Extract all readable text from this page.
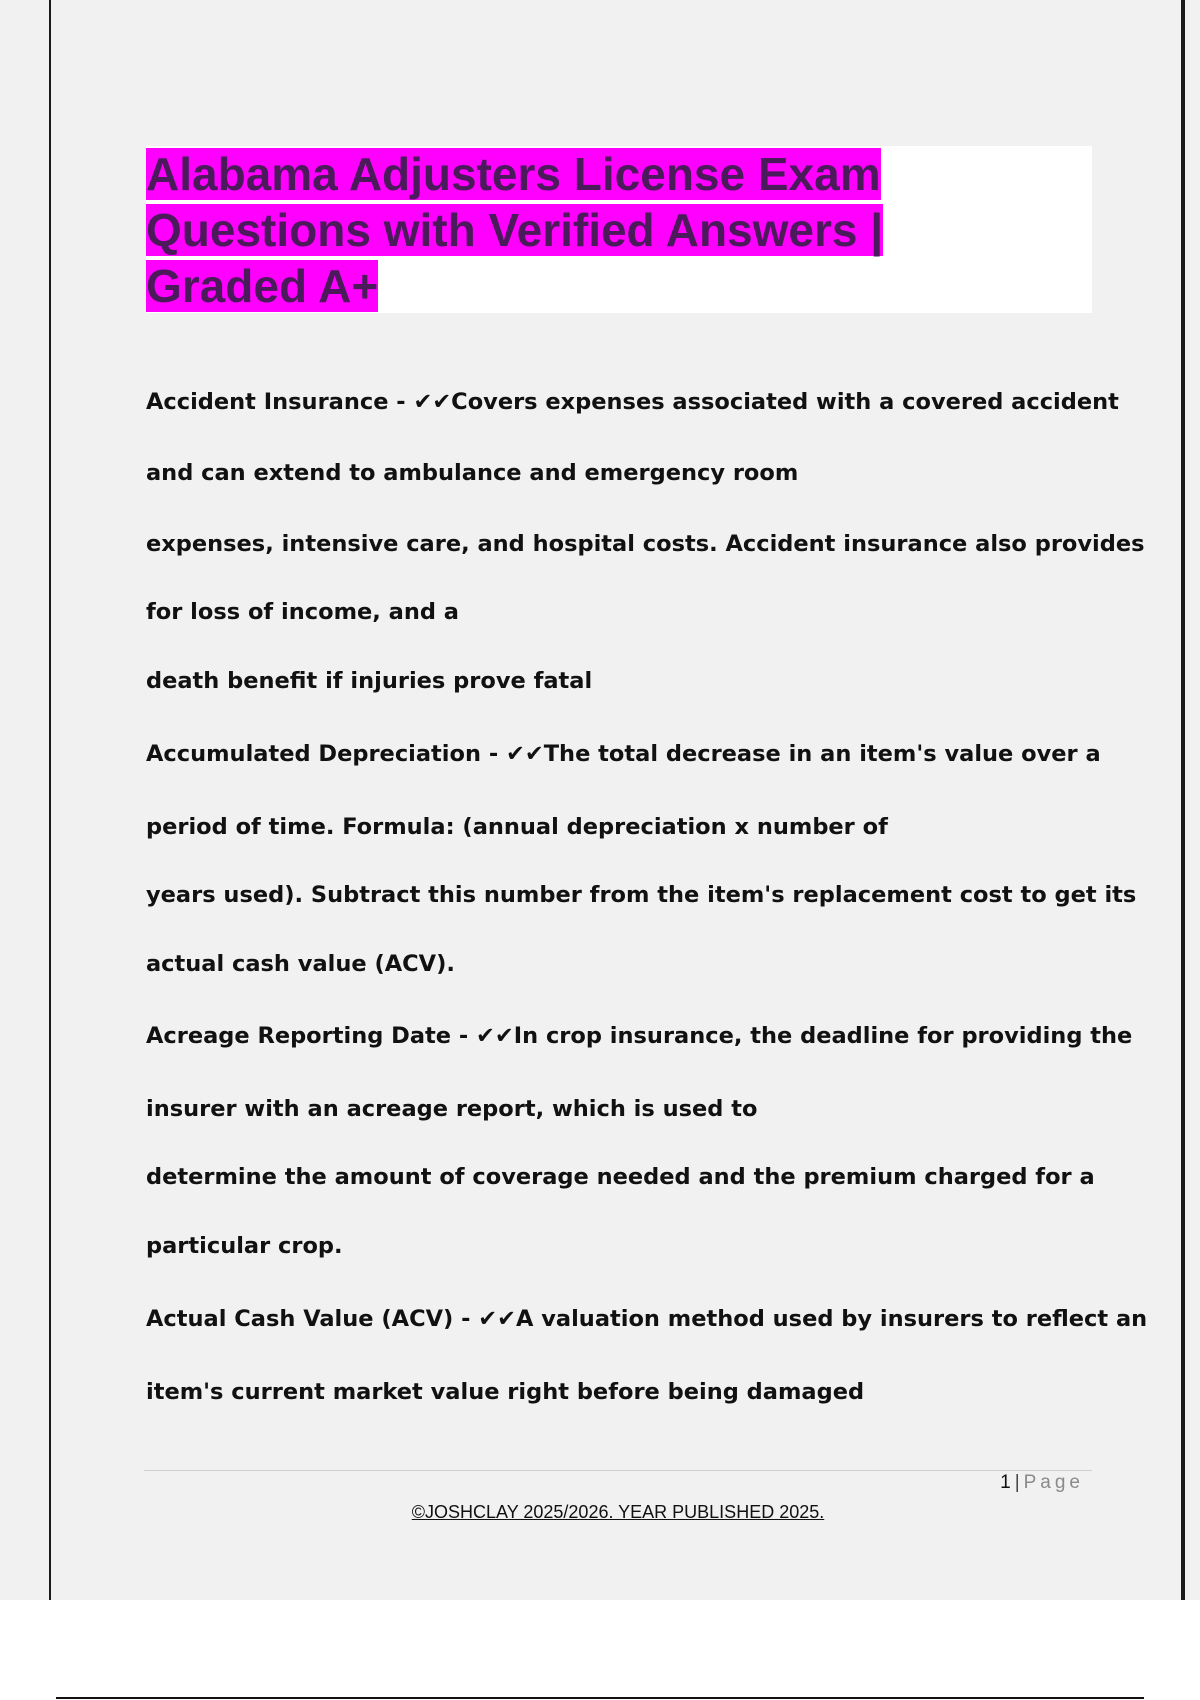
Alabama Adjusters License Exam
Questions with Verified Answers |
Graded A+
Accident Insurance - ✔✔Covers expenses associated with a covered accident
and can extend to ambulance and emergency room
expenses, intensive care, and hospital costs. Accident insurance also provides
for loss of income, and a
death benefit if injuries prove fatal
Accumulated Depreciation - ✔✔The total decrease in an item's value over a
period of time. Formula: (annual depreciation x number of
years used). Subtract this number from the item's replacement cost to get its
actual cash value (ACV).
Acreage Reporting Date - ✔✔In crop insurance, the deadline for providing the
insurer with an acreage report, which is used to
determine the amount of coverage needed and the premium charged for a
particular crop.
Actual Cash Value (ACV) - ✔✔A valuation method used by insurers to reflect an
item's current market value right before being damaged
1 | Page
©JOSHCLAY 2025/2026. YEAR PUBLISHED 2025.
